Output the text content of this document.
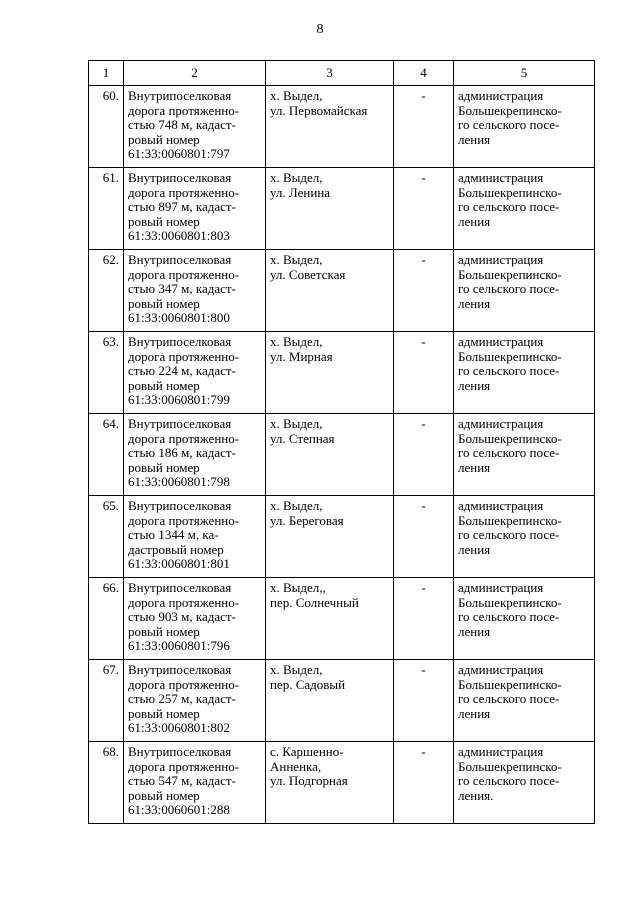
8
1	2	3	4	5
60.	Внутрипоселковая
дорога протяженно-
стью 748 м, кадаст-
ровый номер
61:33:0060801:797	х. Выдел,
ул. Первомайская	-	администрация
Большекрепинско-
го сельского посе-
ления

61.	Внутрипоселковая
дорога протяженно-
стью 897 м, кадаст-
ровый номер
61:33:0060801:803	х. Выдел,
ул. Ленина	-	администрация
Большекрепинско-
го сельского посе-
ления

62.	Внутрипоселковая
дорога протяженно-
стью 347 м, кадаст-
ровый номер
61:33:0060801:800	х. Выдел,
ул. Советская	-	администрация
Большекрепинско-
го сельского посе-
ления

63.	Внутрипоселковая
дорога протяженно-
стью 224 м, кадаст-
ровый номер
61:33:0060801:799	х. Выдел,
ул. Мирная	-	администрация
Большекрепинско-
го сельского посе-
ления

64.	Внутрипоселковая
дорога протяженно-
стью 186 м, кадаст-
ровый номер
61:33:0060801:798	х. Выдел,
ул. Степная	-	администрация
Большекрепинско-
го сельского посе-
ления

65.	Внутрипоселковая
дорога протяженно-
стью 1344 м, ка-
дастровый номер
61:33:0060801:801	х. Выдел,
ул. Береговая	-	администрация
Большекрепинско-
го сельского посе-
ления

66.	Внутрипоселковая
дорога протяженно-
стью 903 м, кадаст-
ровый номер
61:33:0060801:796	х. Выдел,,
пер. Солнечный	-	администрация
Большекрепинско-
го сельского посе-
ления

67.	Внутрипоселковая
дорога протяженно-
стью 257 м, кадаст-
ровый номер
61:33:0060801:802	х. Выдел,
пер. Садовый	-	администрация
Большекрепинско-
го сельского посе-
ления

68.	Внутрипоселковая
дорога протяженно-
стью 547 м, кадаст-
ровый номер
61:33:0060601:288	с. Каршенно-
Анненка,
ул. Подгорная	-	администрация
Большекрепинско-
го сельского посе-
ления.
